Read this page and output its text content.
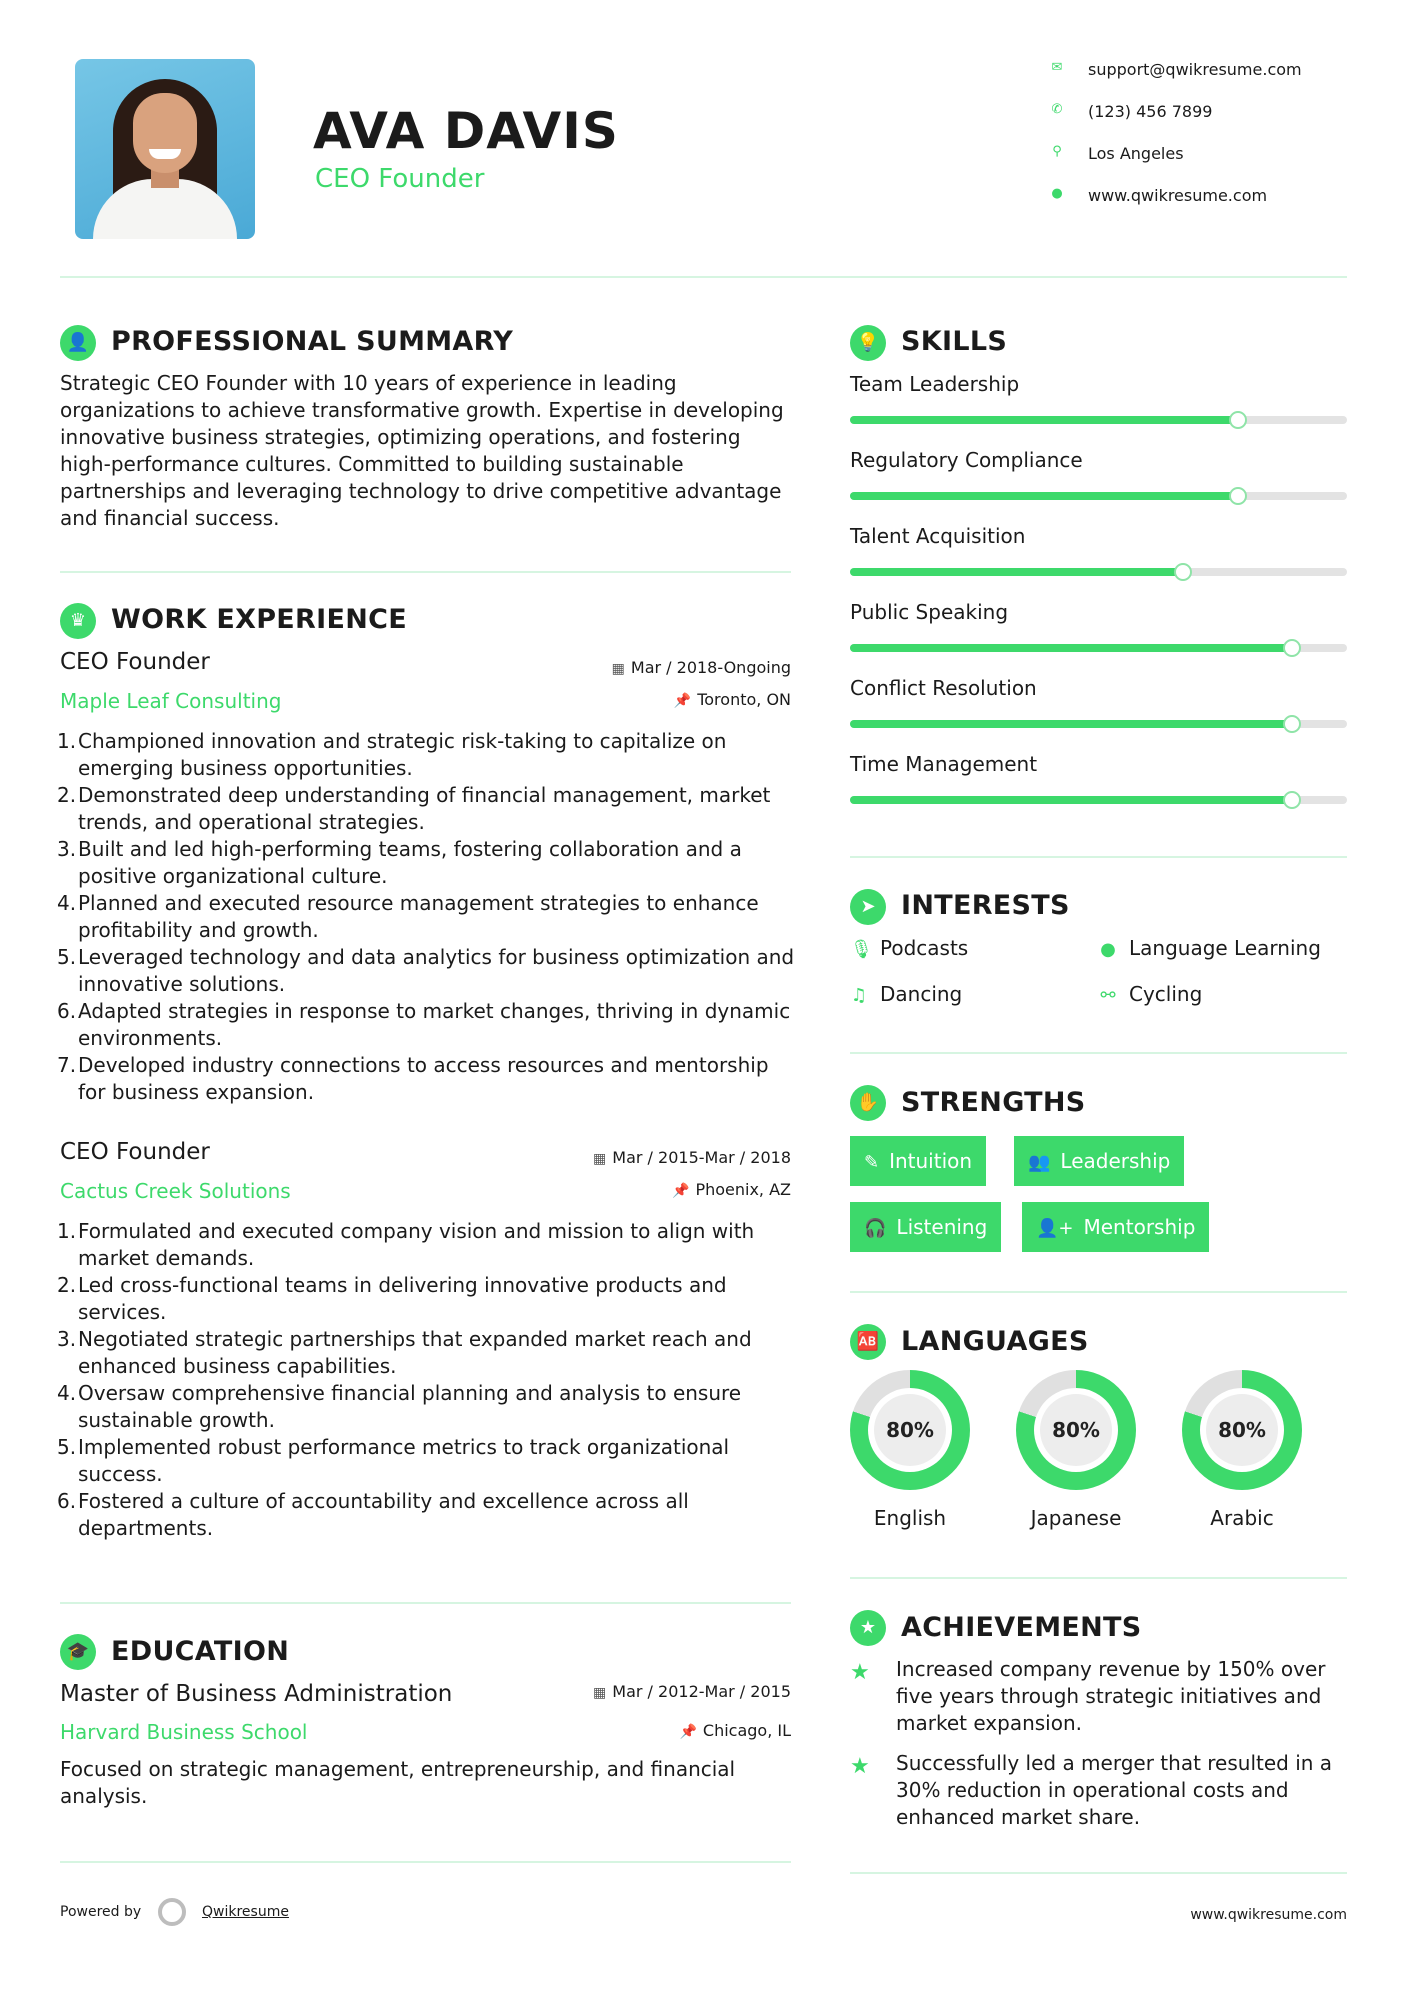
AVA DAVIS
CEO Founder
✉ support@qwikresume.com
✆ (123) 456 7899
⚲ Los Angeles
● www.qwikresume.com
👤 PROFESSIONAL SUMMARY
Strategic CEO Founder with 10 years of experience in leading organizations to achieve transformative growth. Expertise in developing innovative business strategies, optimizing operations, and fostering high-performance cultures. Committed to building sustainable partnerships and leveraging technology to drive competitive advantage and financial success.
♛ WORK EXPERIENCE
CEO Founder
Maple Leaf Consulting
▦ Mar / 2018-Ongoing
📌 Toronto, ON
1. Championed innovation and strategic risk-taking to capitalize on emerging business opportunities.
2. Demonstrated deep understanding of financial management, market trends, and operational strategies.
3. Built and led high-performing teams, fostering collaboration and a positive organizational culture.
4. Planned and executed resource management strategies to enhance profitability and growth.
5. Leveraged technology and data analytics for business optimization and innovative solutions.
6. Adapted strategies in response to market changes, thriving in dynamic environments.
7. Developed industry connections to access resources and mentorship for business expansion.
CEO Founder
Cactus Creek Solutions
▦ Mar / 2015-Mar / 2018
📌 Phoenix, AZ
1. Formulated and executed company vision and mission to align with market demands.
2. Led cross-functional teams in delivering innovative products and services.
3. Negotiated strategic partnerships that expanded market reach and enhanced business capabilities.
4. Oversaw comprehensive financial planning and analysis to ensure sustainable growth.
5. Implemented robust performance metrics to track organizational success.
6. Fostered a culture of accountability and excellence across all departments.
🎓 EDUCATION
Master of Business Administration
Harvard Business School
▦ Mar / 2012-Mar / 2015
📌 Chicago, IL
Focused on strategic management, entrepreneurship, and financial analysis.
💡 SKILLS
Team Leadership
Regulatory Compliance
Talent Acquisition
Public Speaking
Conflict Resolution
Time Management
➤ INTERESTS
🎙 Podcasts	● Language Learning
♫ Dancing	⚯ Cycling
✋ STRENGTHS
✎ Intuition	👥 Leadership
🎧 Listening	👤+ Mentorship
🆎 LANGUAGES
80%
English
80%
Japanese
80%
Arabic
★ ACHIEVEMENTS
★ Increased company revenue by 150% over five years through strategic initiatives and market expansion.
★ Successfully led a merger that resulted in a 30% reduction in operational costs and enhanced market share.
Powered by	Qwikresume	www.qwikresume.com
